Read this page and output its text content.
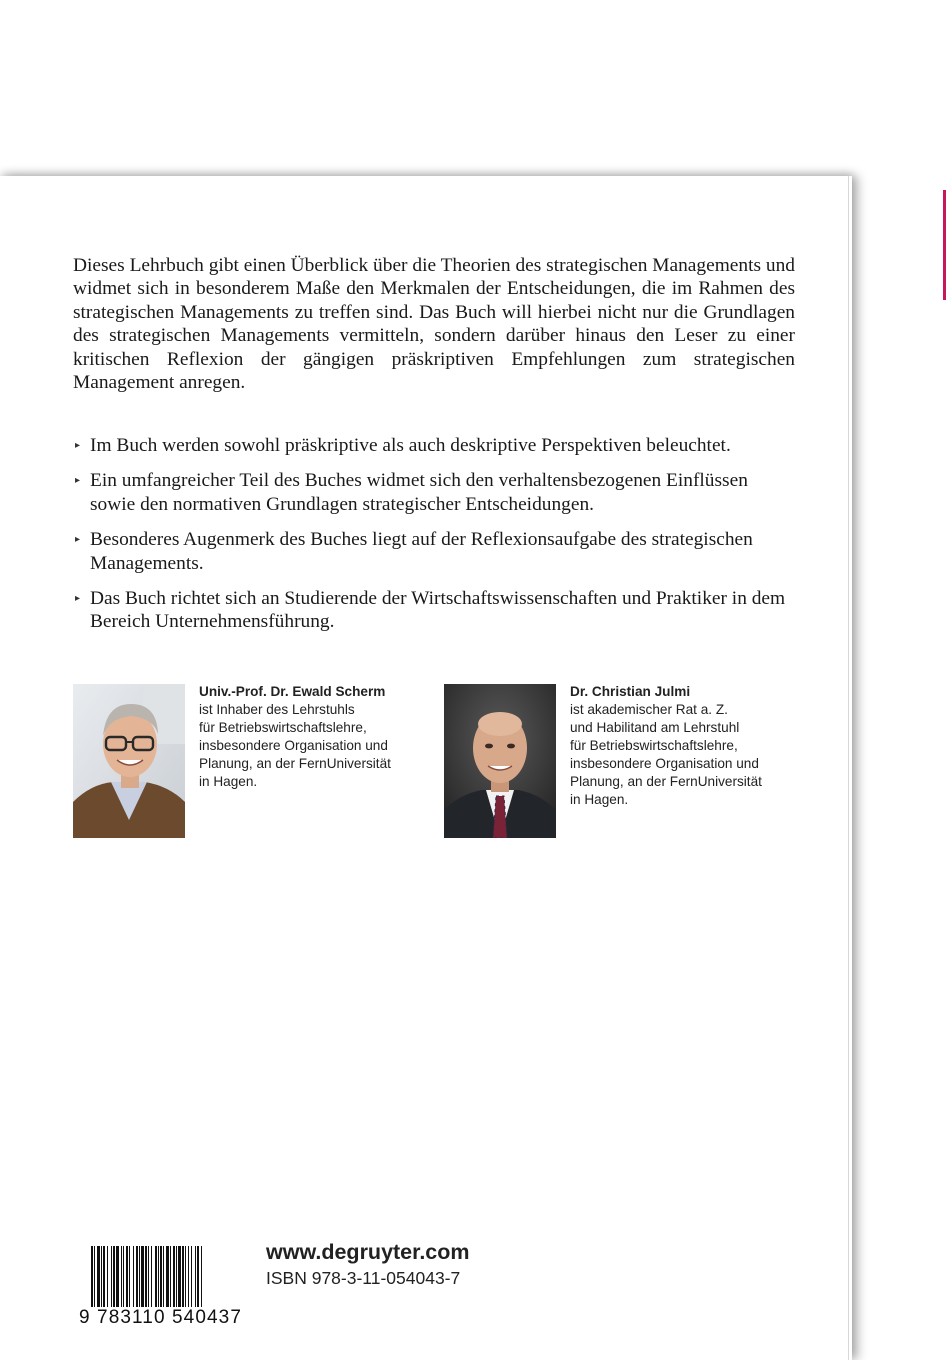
Dieses Lehrbuch gibt einen Überblick über die Theorien des strategischen Managements und widmet sich in besonderem Maße den Merkmalen der Entscheidungen, die im Rahmen des strategischen Managements zu treffen sind. Das Buch will hierbei nicht nur die Grundlagen des strategischen Managements vermitteln, sondern darüber hinaus den Leser zu einer kritischen Reflexion der gängigen präskriptiven Empfehlungen zum strategischen Management anregen.

▸ Im Buch werden sowohl präskriptive als auch deskriptive Perspektiven beleuchtet.
▸ Ein umfangreicher Teil des Buches widmet sich den verhaltensbezogenen Einflüssen sowie den normativen Grundlagen strategischer Entscheidungen.
▸ Besonderes Augenmerk des Buches liegt auf der Reflexionsaufgabe des strategischen Managements.
▸ Das Buch richtet sich an Studierende der Wirtschaftswissenschaften und Praktiker in dem Bereich Unternehmensführung.
Univ.-Prof. Dr. Ewald Scherm
ist Inhaber des Lehrstuhls
für Betriebswirtschaftslehre,
insbesondere Organisation und
Planung, an der FernUniversität
in Hagen.
Dr. Christian Julmi
ist akademischer Rat a. Z.
und Habilitand am Lehrstuhl
für Betriebswirtschaftslehre,
insbesondere Organisation und
Planung, an der FernUniversität
in Hagen.
9 783110 540437
www.degruyter.com
ISBN 978-3-11-054043-7
